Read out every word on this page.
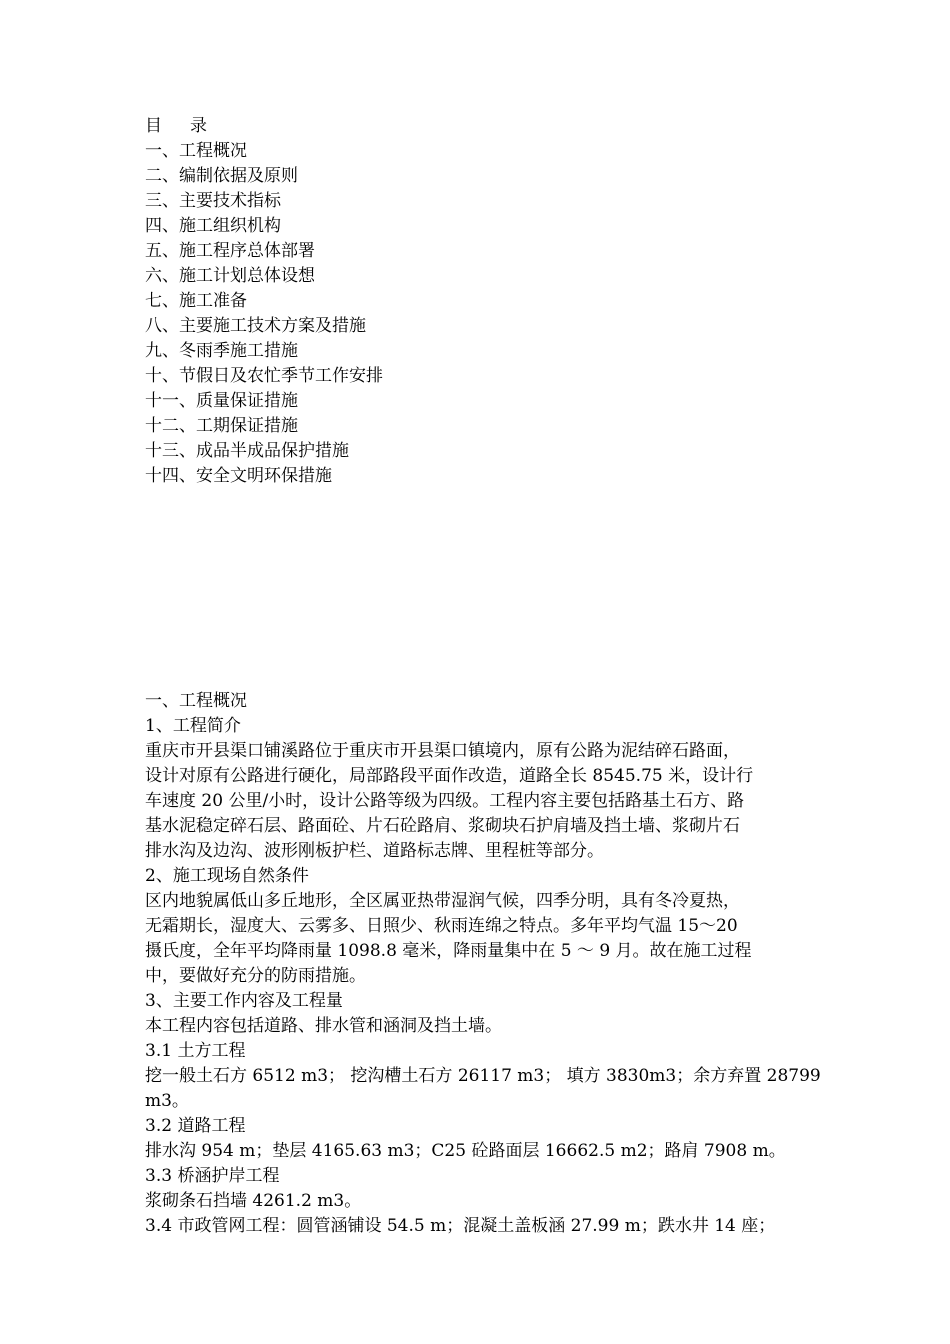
目 录
一、工程概况
二、编制依据及原则
三、主要技术指标
四、施工组织机构
五、施工程序总体部署
六、施工计划总体设想
七、施工准备
八、主要施工技术方案及措施
九、冬雨季施工措施
十、节假日及农忙季节工作安排
十一、质量保证措施
十二、工期保证措施
十三、成品半成品保护措施
十四、安全文明环保措施
一、工程概况
1、工程简介
重庆市开县渠口铺溪路位于重庆市开县渠口镇境内，原有公路为泥结碎石路面，
设计对原有公路进行硬化，局部路段平面作改造，道路全长 8545.75 米，设计行
车速度 20 公里/小时，设计公路等级为四级。工程内容主要包括路基土石方、路
基水泥稳定碎石层、路面砼、片石砼路肩、浆砌块石护肩墙及挡土墙、浆砌片石
排水沟及边沟、波形刚板护栏、道路标志牌、里程桩等部分。
2、施工现场自然条件
区内地貌属低山多丘地形，全区属亚热带湿润气候，四季分明，具有冬冷夏热，
无霜期长，湿度大、云雾多、日照少、秋雨连绵之特点。多年平均气温 15～20
摄氏度，全年平均降雨量 1098.8 毫米，降雨量集中在 5 ～ 9 月。故在施工过程
中，要做好充分的防雨措施。
3、主要工作内容及工程量
本工程内容包括道路、排水管和涵洞及挡土墙。
3.1 土方工程
挖一般土石方 6512 m3； 挖沟槽土石方 26117 m3； 填方 3830m3；余方弃置 28799
m3。
3.2 道路工程
排水沟 954 m；垫层 4165.63 m3；C25 砼路面层 16662.5 m2；路肩 7908 m。
3.3 桥涵护岸工程
浆砌条石挡墙 4261.2 m3。
3.4 市政管网工程：圆管涵铺设 54.5 m；混凝土盖板涵 27.99 m；跌水井 14 座；
